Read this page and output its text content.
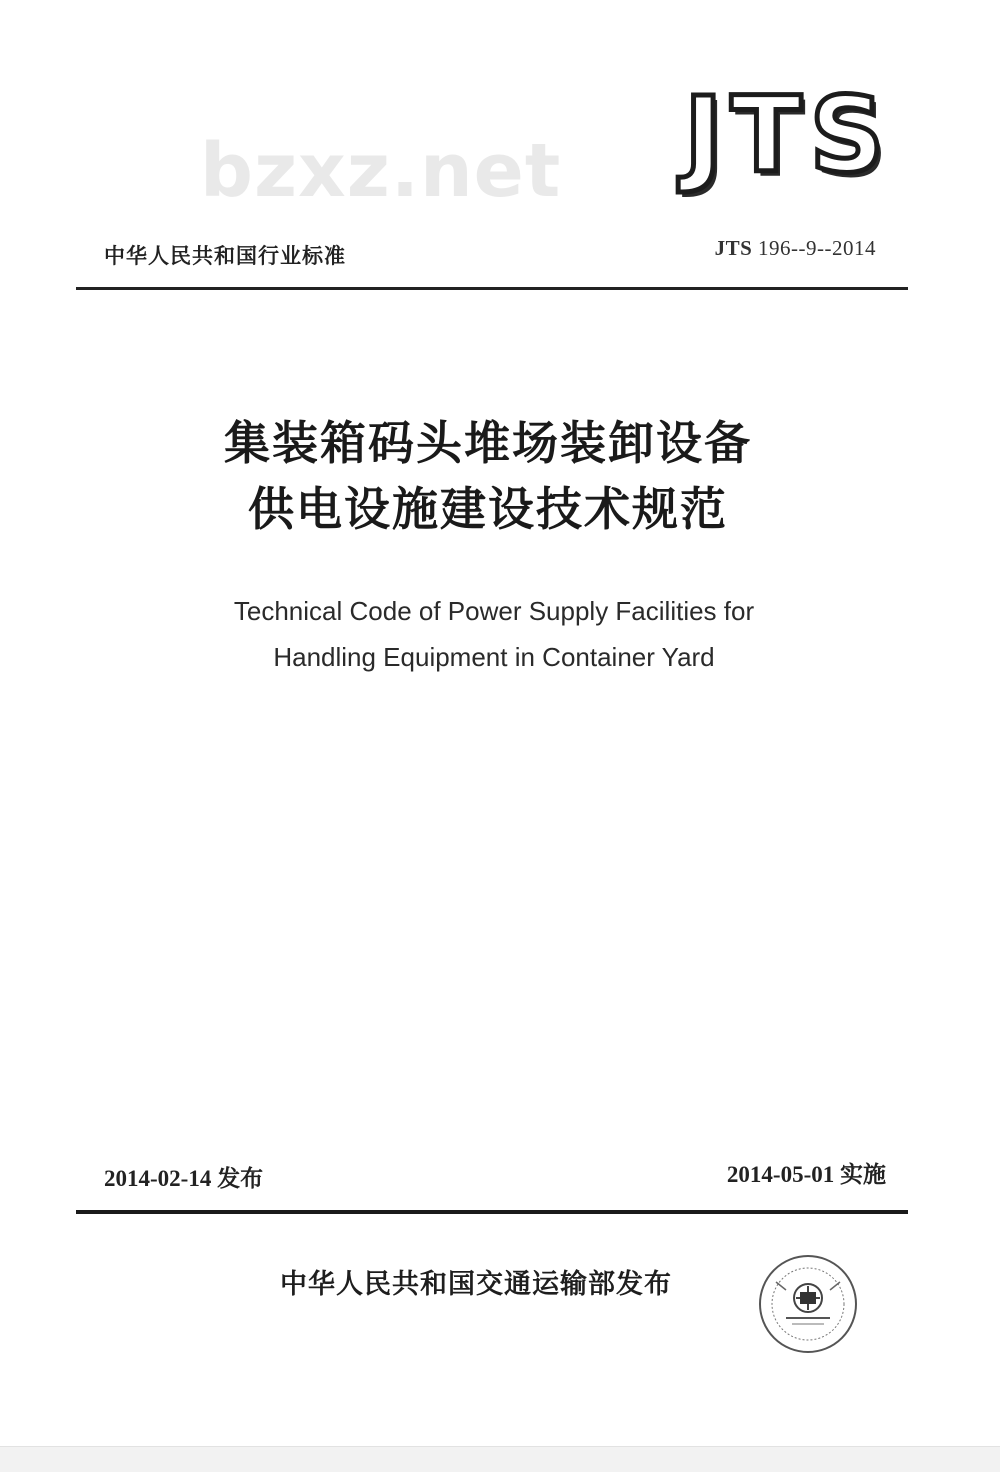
bzxz.net JTS
中华人民共和国行业标准	JTS 196--9--2014
集装箱码头堆场装卸设备
供电设施建设技术规范
Technical Code of Power Supply Facilities for
Handling Equipment in Container Yard
2014-02-14 发布	2014-05-01 实施
中华人民共和国交通运输部发布
